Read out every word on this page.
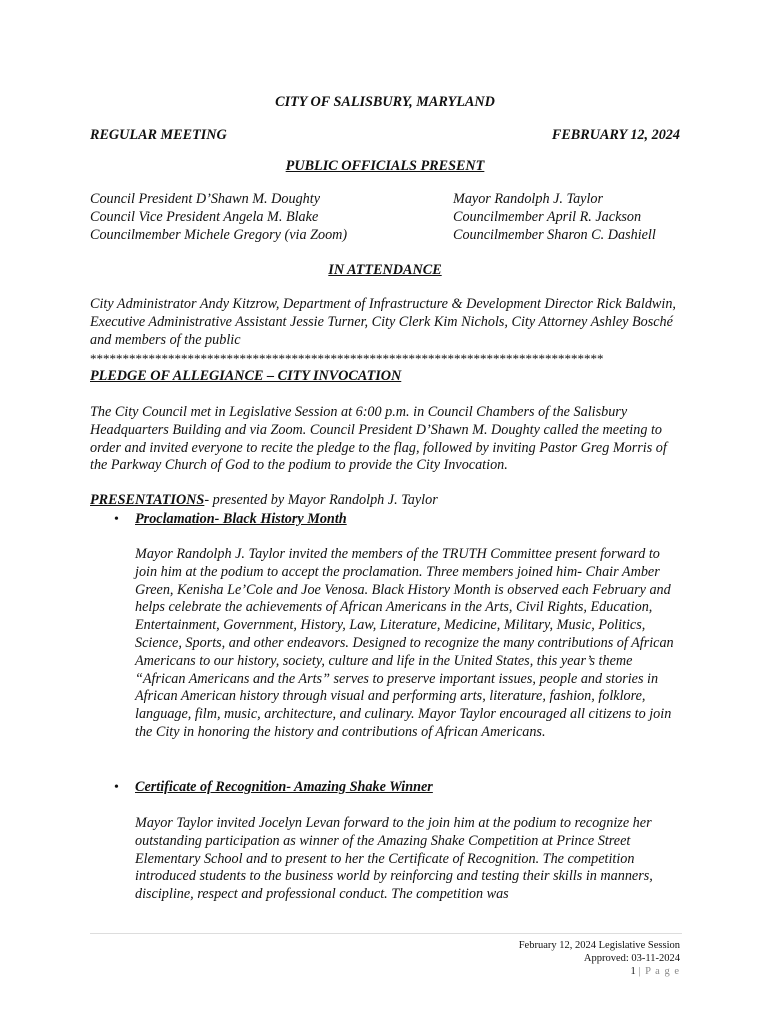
CITY OF SALISBURY, MARYLAND
REGULAR MEETING	FEBRUARY 12, 2024
PUBLIC OFFICIALS PRESENT
Council President D’Shawn M. Doughty
Council Vice President Angela M. Blake
Councilmember Michele Gregory (via Zoom)
Mayor Randolph J. Taylor
Councilmember April R. Jackson
Councilmember Sharon C. Dashiell
IN ATTENDANCE
City Administrator Andy Kitzrow, Department of Infrastructure & Development Director Rick Baldwin, Executive Administrative Assistant Jessie Turner, City Clerk Kim Nichols, City Attorney Ashley Bosché and members of the public
*******************************************************************************
PLEDGE OF ALLEGIANCE – CITY INVOCATION
The City Council met in Legislative Session at 6:00 p.m. in Council Chambers of the Salisbury Headquarters Building and via Zoom. Council President D’Shawn M. Doughty called the meeting to order and invited everyone to recite the pledge to the flag, followed by inviting Pastor Greg Morris of the Parkway Church of God to the podium to provide the City Invocation.
PRESENTATIONS- presented by Mayor Randolph J. Taylor
• Proclamation- Black History Month
Mayor Randolph J. Taylor invited the members of the TRUTH Committee present forward to join him at the podium to accept the proclamation. Three members joined him- Chair Amber Green, Kenisha Le’Cole and Joe Venosa. Black History Month is observed each February and helps celebrate the achievements of African Americans in the Arts, Civil Rights, Education, Entertainment, Government, History, Law, Literature, Medicine, Military, Music, Politics, Science, Sports, and other endeavors. Designed to recognize the many contributions of African Americans to our history, society, culture and life in the United States, this year’s theme “African Americans and the Arts” serves to preserve important issues, people and stories in African American history through visual and performing arts, literature, fashion, folklore, language, film, music, architecture, and culinary. Mayor Taylor encouraged all citizens to join the City in honoring the history and contributions of African Americans.
• Certificate of Recognition- Amazing Shake Winner
Mayor Taylor invited Jocelyn Levan forward to the join him at the podium to recognize her outstanding participation as winner of the Amazing Shake Competition at Prince Street Elementary School and to present to her the Certificate of Recognition. The competition introduced students to the business world by reinforcing and testing their skills in manners, discipline, respect and professional conduct. The competition was
February 12, 2024 Legislative Session
Approved: 03-11-2024
1 | P a g e
